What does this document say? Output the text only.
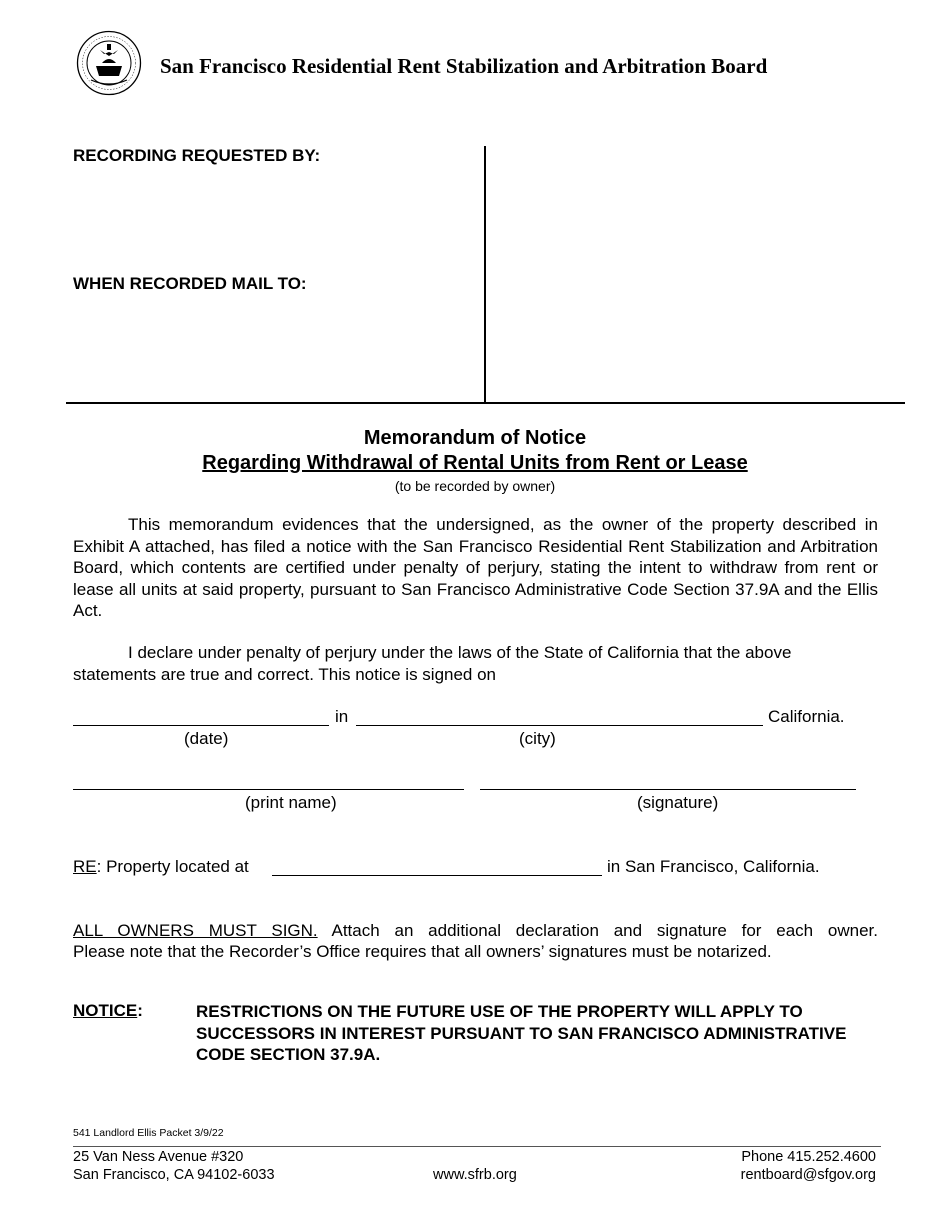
San Francisco Residential Rent Stabilization and Arbitration Board
RECORDING REQUESTED BY:
WHEN RECORDED MAIL TO:
Memorandum of Notice
Regarding Withdrawal of Rental Units from Rent or Lease
(to be recorded by owner)
This memorandum evidences that the undersigned, as the owner of the property described in Exhibit A attached, has filed a notice with the San Francisco Residential Rent Stabilization and Arbitration Board, which contents are certified under penalty of perjury, stating the intent to withdraw from rent or lease all units at said property, pursuant to San Francisco Administrative Code Section 37.9A and the Ellis Act.
I declare under penalty of perjury under the laws of the State of California that the above statements are true and correct. This notice is signed on
in	California.
(date)	(city)
(print name)	(signature)
RE: Property located at	in San Francisco, California.
ALL OWNERS MUST SIGN. Attach an additional declaration and signature for each owner.
Please note that the Recorder’s Office requires that all owners’ signatures must be notarized.
NOTICE:	RESTRICTIONS ON THE FUTURE USE OF THE PROPERTY WILL APPLY TO SUCCESSORS IN INTEREST PURSUANT TO SAN FRANCISCO ADMINISTRATIVE CODE SECTION 37.9A.
541 Landlord Ellis Packet 3/9/22
25 Van Ness Avenue #320
San Francisco, CA 94102-6033	www.sfrb.org
Phone 415.252.4600
rentboard@sfgov.org
